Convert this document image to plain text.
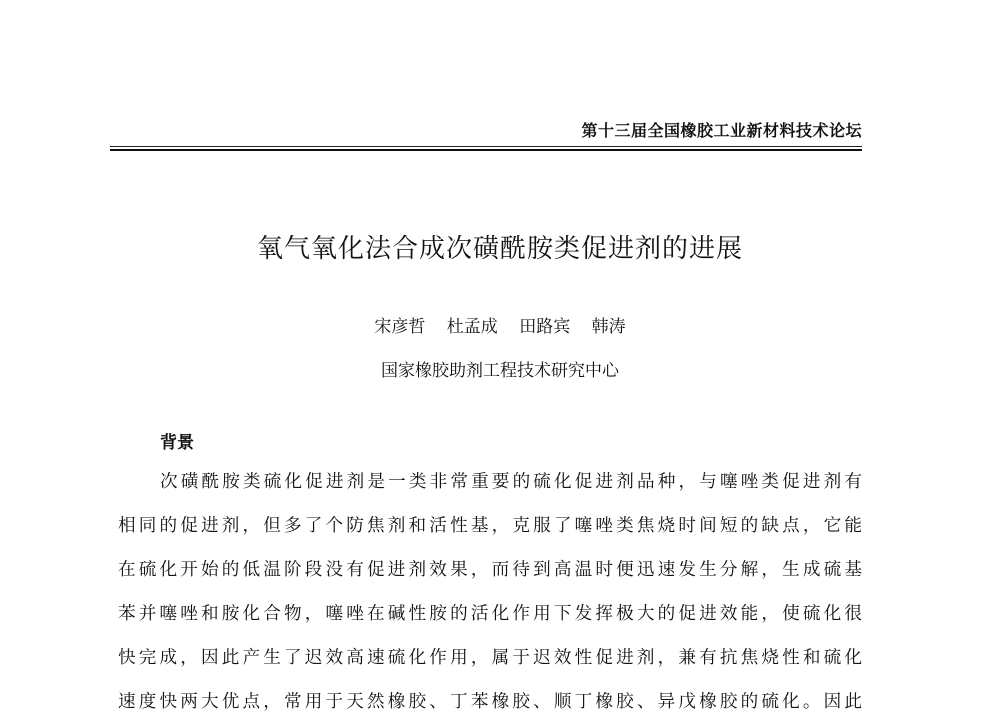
第十三届全国橡胶工业新材料技术论坛
氧气氧化法合成次磺酰胺类促进剂的进展
宋彦哲 杜孟成 田路宾 韩涛
国家橡胶助剂工程技术研究中心
背景
次磺酰胺类硫化促进剂是一类非常重要的硫化促进剂品种，与噻唑类促进剂有
相同的促进剂，但多了个防焦剂和活性基，克服了噻唑类焦烧时间短的缺点，它能
在硫化开始的低温阶段没有促进剂效果，而待到高温时便迅速发生分解，生成硫基
苯并噻唑和胺化合物，噻唑在碱性胺的活化作用下发挥极大的促进效能，使硫化很
快完成，因此产生了迟效高速硫化作用，属于迟效性促进剂，兼有抗焦烧性和硫化
速度快两大优点，常用于天然橡胶、丁苯橡胶、顺丁橡胶、异戊橡胶的硫化。因此
